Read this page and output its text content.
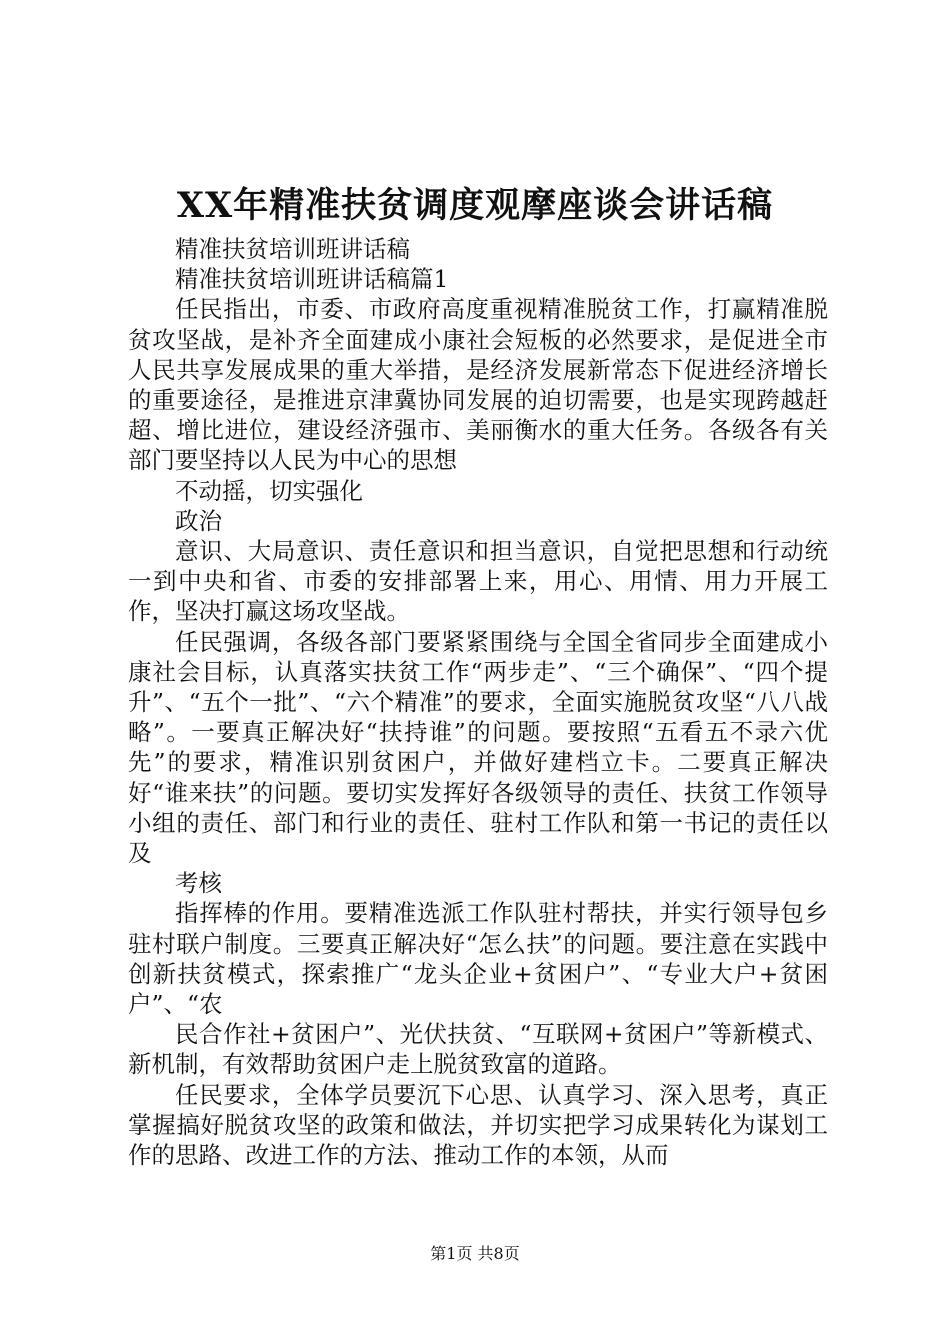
XX年精准扶贫调度观摩座谈会讲话稿

精准扶贫培训班讲话稿

精准扶贫培训班讲话稿篇1

任民指出，市委、市政府高度重视精准脱贫工作，打赢精准脱贫攻坚战，是补齐全面建成小康社会短板的必然要求，是促进全市人民共享发展成果的重大举措，是经济发展新常态下促进经济增长的重要途径，是推进京津冀协同发展的迫切需要，也是实现跨越赶超、增比进位，建设经济强市、美丽衡水的重大任务。各级各有关部门要坚持以人民为中心的思想

不动摇，切实强化

政治

意识、大局意识、责任意识和担当意识，自觉把思想和行动统一到中央和省、市委的安排部署上来，用心、用情、用力开展工作，坚决打赢这场攻坚战。

任民强调，各级各部门要紧紧围绕与全国全省同步全面建成小康社会目标，认真落实扶贫工作“两步走”、“三个确保”、“四个提升”、“五个一批”、“六个精准”的要求，全面实施脱贫攻坚“八八战略”。一要真正解决好“扶持谁”的问题。要按照“五看五不录六优先”的要求，精准识别贫困户，并做好建档立卡。二要真正解决好“谁来扶”的问题。要切实发挥好各级领导的责任、扶贫工作领导小组的责任、部门和行业的责任、驻村工作队和第一书记的责任以及

考核

指挥棒的作用。要精准选派工作队驻村帮扶，并实行领导包乡驻村联户制度。三要真正解决好“怎么扶”的问题。要注意在实践中创新扶贫模式，探索推广“龙头企业+贫困户”、“专业大户+贫困户”、“农

民合作社+贫困户”、光伏扶贫、“互联网+贫困户”等新模式、新机制，有效帮助贫困户走上脱贫致富的道路。

任民要求，全体学员要沉下心思、认真学习、深入思考，真正掌握搞好脱贫攻坚的政策和做法，并切实把学习成果转化为谋划工作的思路、改进工作的方法、推动工作的本领，从而

第1页 共8页
